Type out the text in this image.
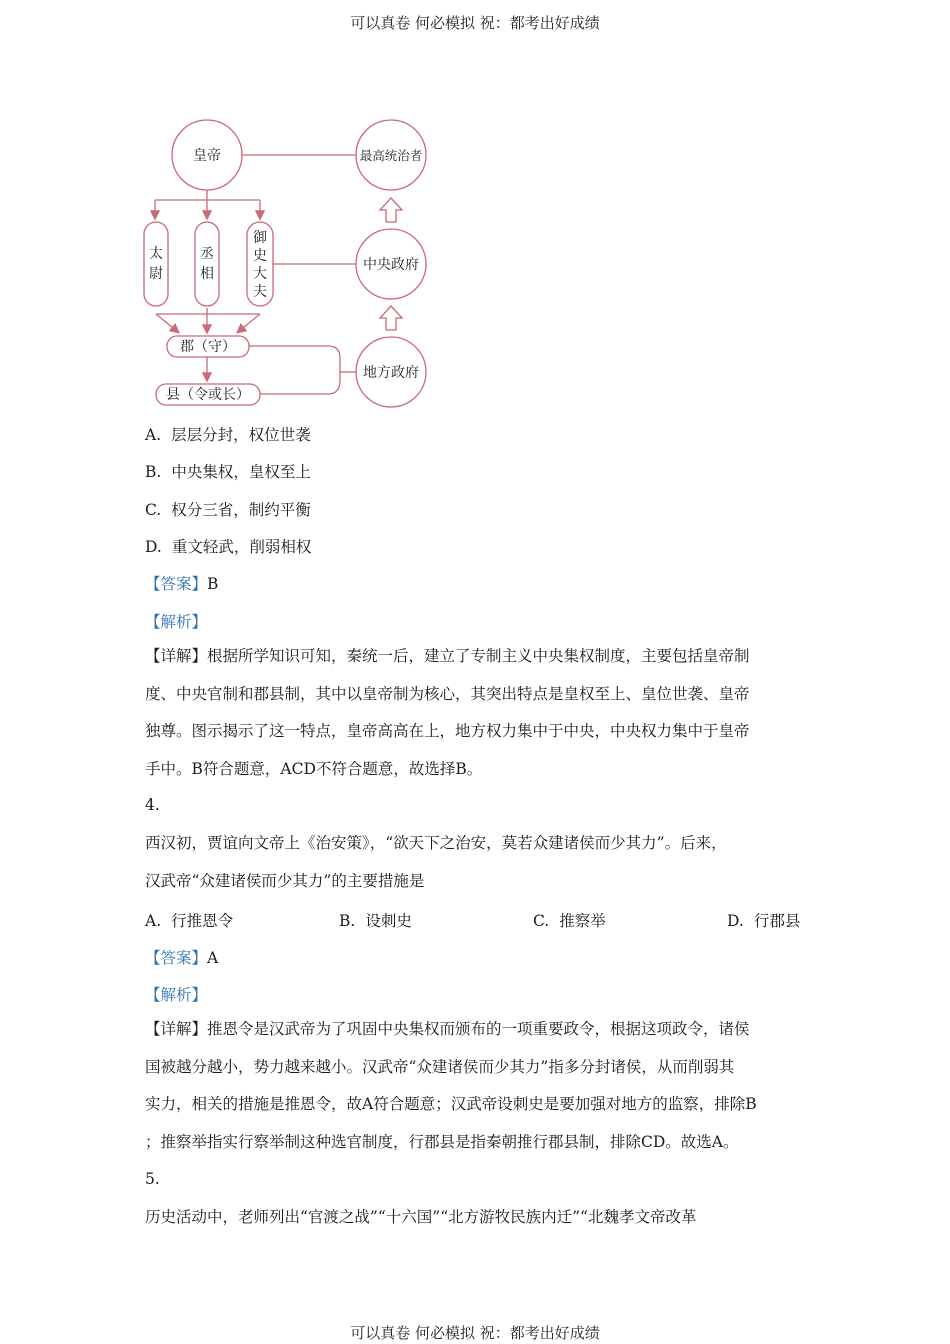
可以真卷 何必模拟 祝：都考出好成绩
皇帝	最高统治者
中央政府
地方政府
郡（守）
县（令或长）
太尉
丞相
御史大夫
A. 层层分封，权位世袭
B. 中央集权，皇权至上
C. 权分三省，制约平衡
D. 重文轻武，削弱相权
【答案】B
【解析】

【详解】根据所学知识可知，秦统一后，建立了专制主义中央集权制度，主要包括皇帝制

度、中央官制和郡县制，其中以皇帝制为核心，其突出特点是皇权至上、皇位世袭、皇帝

独尊。图示揭示了这一特点，皇帝高高在上，地方权力集中于中央，中央权力集中于皇帝

手中。B符合题意，ACD不符合题意，故选择B。

4.

西汉初，贾谊向文帝上《治安策》，“欲天下之治安，莫若众建诸侯而少其力”。后来，

汉武帝“众建诸侯而少其力”的主要措施是

A. 行推恩令	B. 设刺史	C. 推察举	D. 行郡县
【答案】A
【解析】

【详解】推恩令是汉武帝为了巩固中央集权而颁布的一项重要政令，根据这项政令，诸侯

国被越分越小，势力越来越小。汉武帝“众建诸侯而少其力”指多分封诸侯，从而削弱其

实力，相关的措施是推恩令，故A符合题意；汉武帝设刺史是要加强对地方的监察，排除B

；推察举指实行察举制这种选官制度，行郡县是指秦朝推行郡县制，排除CD。故选A。

5.

历史活动中，老师列出“官渡之战”“十六国”“北方游牧民族内迁”“北魏孝文帝改革

可以真卷 何必模拟 祝：都考出好成绩
